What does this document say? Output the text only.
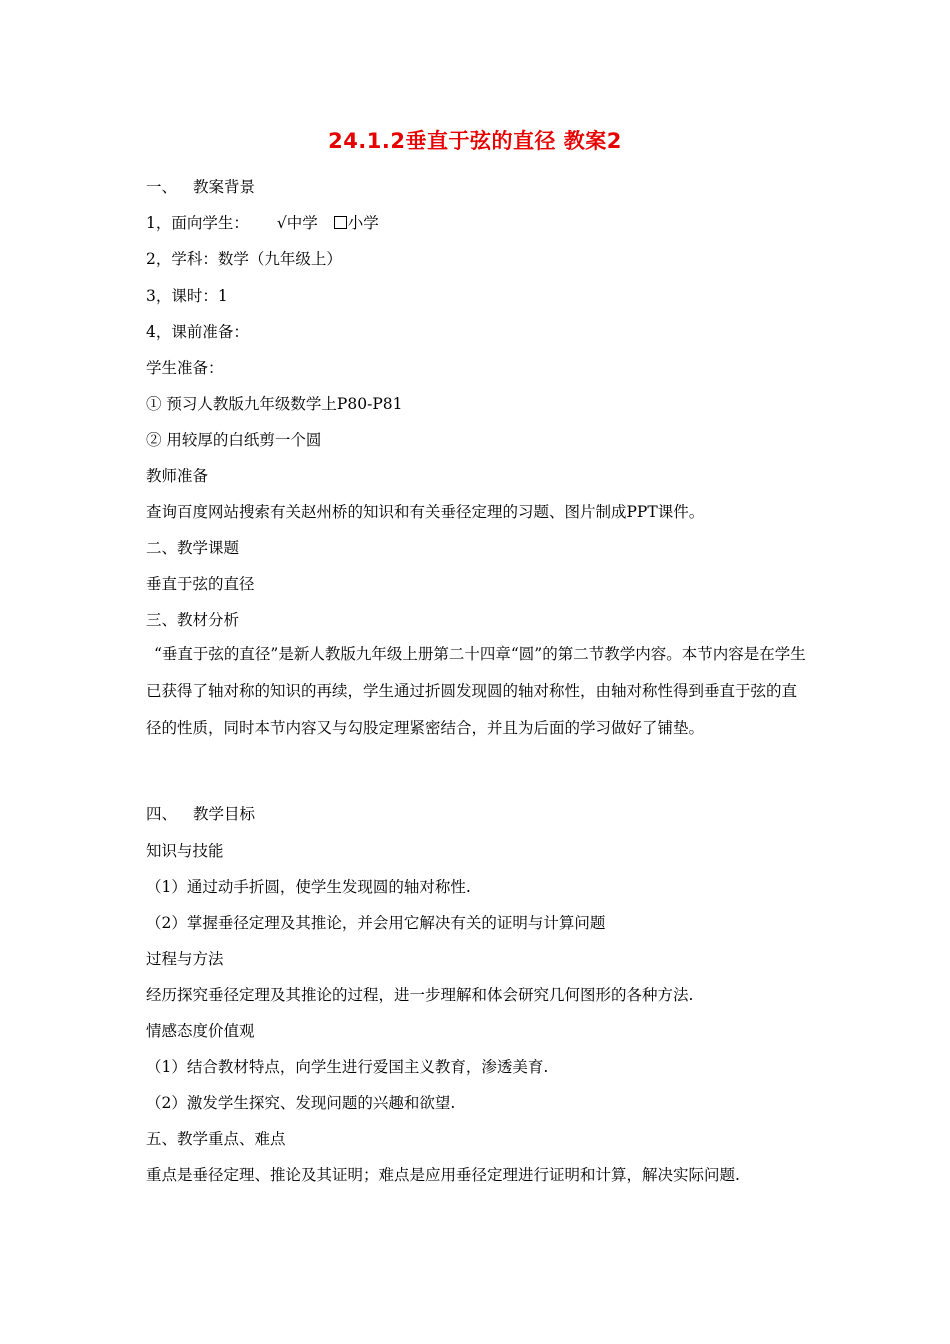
24.1.2垂直于弦的直径 教案2
一、 教案背景
1，面向学生： √中学 小学
2，学科：数学（九年级上）
3，课时：1
4，课前准备：
学生准备：
① 预习人教版九年级数学上P80-P81
② 用较厚的白纸剪一个圆
教师准备
查询百度网站搜索有关赵州桥的知识和有关垂径定理的习题、图片制成PPT课件。
二、教学课题
垂直于弦的直径
三、教材分析
“垂直于弦的直径”是新人教版九年级上册第二十四章“圆”的第二节教学内容。本节内容是在学生已获得了轴对称的知识的再续，学生通过折圆发现圆的轴对称性，由轴对称性得到垂直于弦的直径的性质，同时本节内容又与勾股定理紧密结合，并且为后面的学习做好了铺垫。
四、 教学目标
知识与技能
（1）通过动手折圆，使学生发现圆的轴对称性.
（2）掌握垂径定理及其推论，并会用它解决有关的证明与计算问题
过程与方法
经历探究垂径定理及其推论的过程，进一步理解和体会研究几何图形的各种方法.
情感态度价值观
（1）结合教材特点，向学生进行爱国主义教育，渗透美育.
（2）激发学生探究、发现问题的兴趣和欲望.
五、教学重点、难点
重点是垂径定理、推论及其证明；难点是应用垂径定理进行证明和计算，解决实际问题.
